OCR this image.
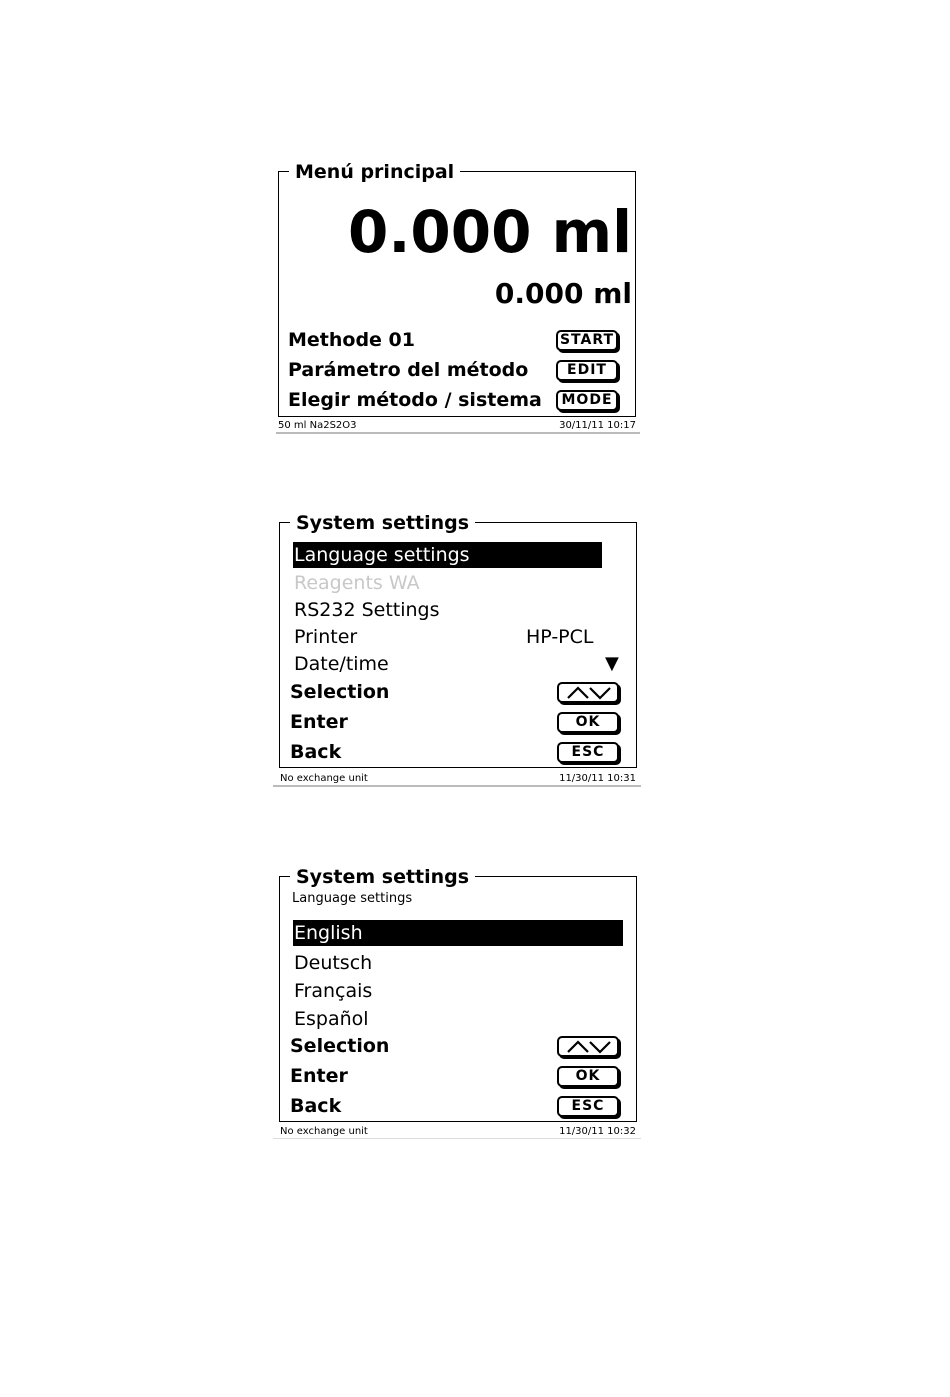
Menú principal
0.000 ml
0.000 ml
Methode 01	START
Parámetro del método	EDIT
Elegir método / sistema	MODE
50 ml Na2S2O3	30/11/11 10:17
System settings
Language settings
Reagents WA
RS232 Settings
Printer	HP-PCL
Date/time	▼
Selection
Enter	OK
Back	ESC
No exchange unit	11/30/11 10:31
System settings
Language settings
English
Deutsch
Français
Español
Selection
Enter	OK
Back	ESC
No exchange unit	11/30/11 10:32
